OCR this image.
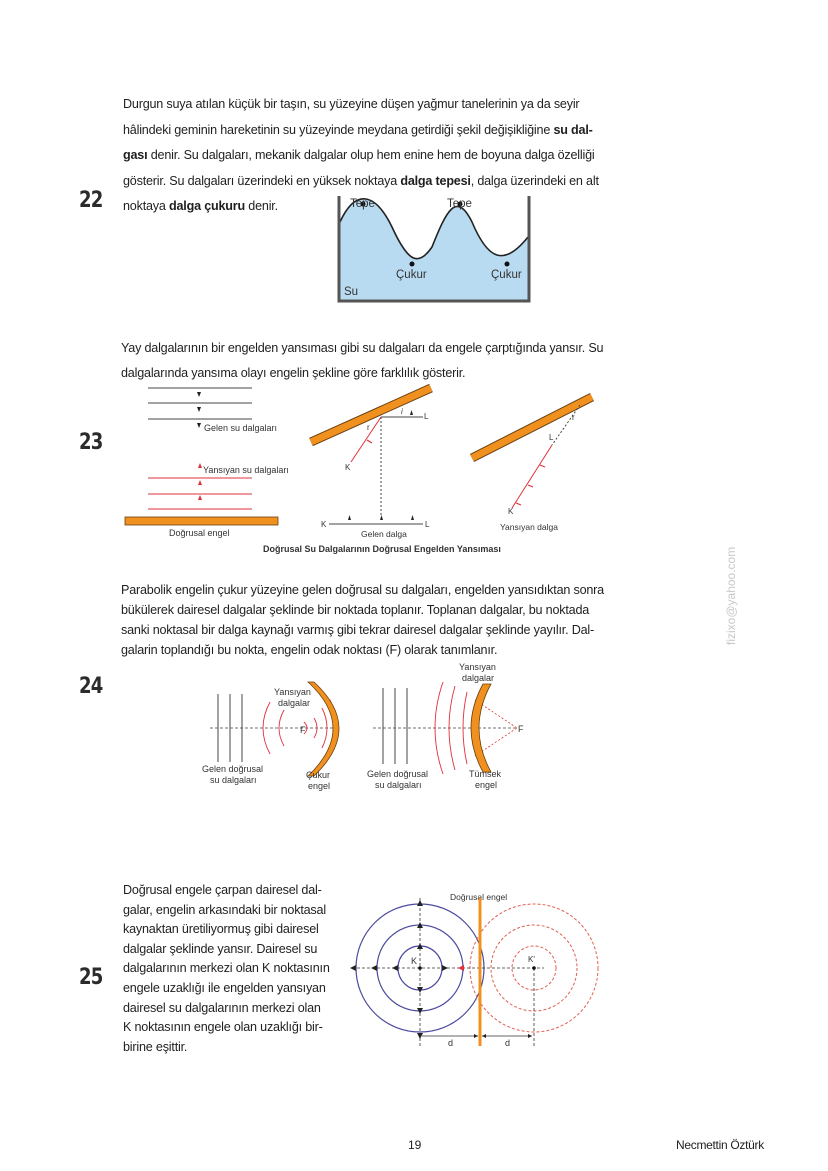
22
23
24
25
Durgun suya atılan küçük bir taşın, su yüzeyine düşen yağmur tanelerinin ya da seyir
hâlindeki geminin hareketinin su yüzeyinde meydana getirdiği şekil değişikliğine su dal-
gası denir. Su dalgaları, mekanik dalgalar olup hem enine hem de boyuna dalga özelliği
gösterir. Su dalgaları üzerindeki en yüksek noktaya dalga tepesi, dalga üzerindeki en alt
noktaya dalga çukuru denir.
Yay dalgalarının bir engelden yansıması gibi su dalgaları da engele çarptığında yansır. Su
dalgalarında yansıma olayı engelin şekline göre farklılık gösterir.
Parabolik engelin çukur yüzeyine gelen doğrusal su dalgaları, engelden yansıdıktan sonra
bükülerek dairesel dalgalar şeklinde bir noktada toplanır. Toplanan dalgalar, bu noktada
sanki noktasal bir dalga kaynağı varmış gibi tekrar dairesel dalgalar şeklinde yayılır. Dal-
galarin toplandığı bu nokta, engelin odak noktası (F) olarak tanımlanır.
Doğrusal engele çarpan dairesel dal-
galar, engelin arkasındaki bir noktasal
kaynaktan üretiliyormuş gibi dairesel
dalgalar şeklinde yansır. Dairesel su
dalgalarının merkezi olan K noktasının
engele uzaklığı ile engelden yansıyan
dairesel su dalgalarının merkezi olan
K noktasının engele olan uzaklığı bir-
birine eşittir.
Tepe	Tepe
Çukur	Çukur
Su
Gelen su dalgaları
Yansıyan su dalgaları
Doğrusal engel
L
i
r
K
K	L
Gelen dalga
r
L
K
Yansıyan dalga
Doğrusal Su Dalgalarının Doğrusal Engelden Yansıması
F
Yansıyan
dalgalar
Gelen doğrusal
su dalgaları	Çukur
engel
F
Yansıyan
dalgalar
Gelen doğrusal
su dalgaları
Tümsek
engel
Doğrusal engel
K	K'
d	d
fizixo@yahoo.com
19	Necmettin Öztürk
